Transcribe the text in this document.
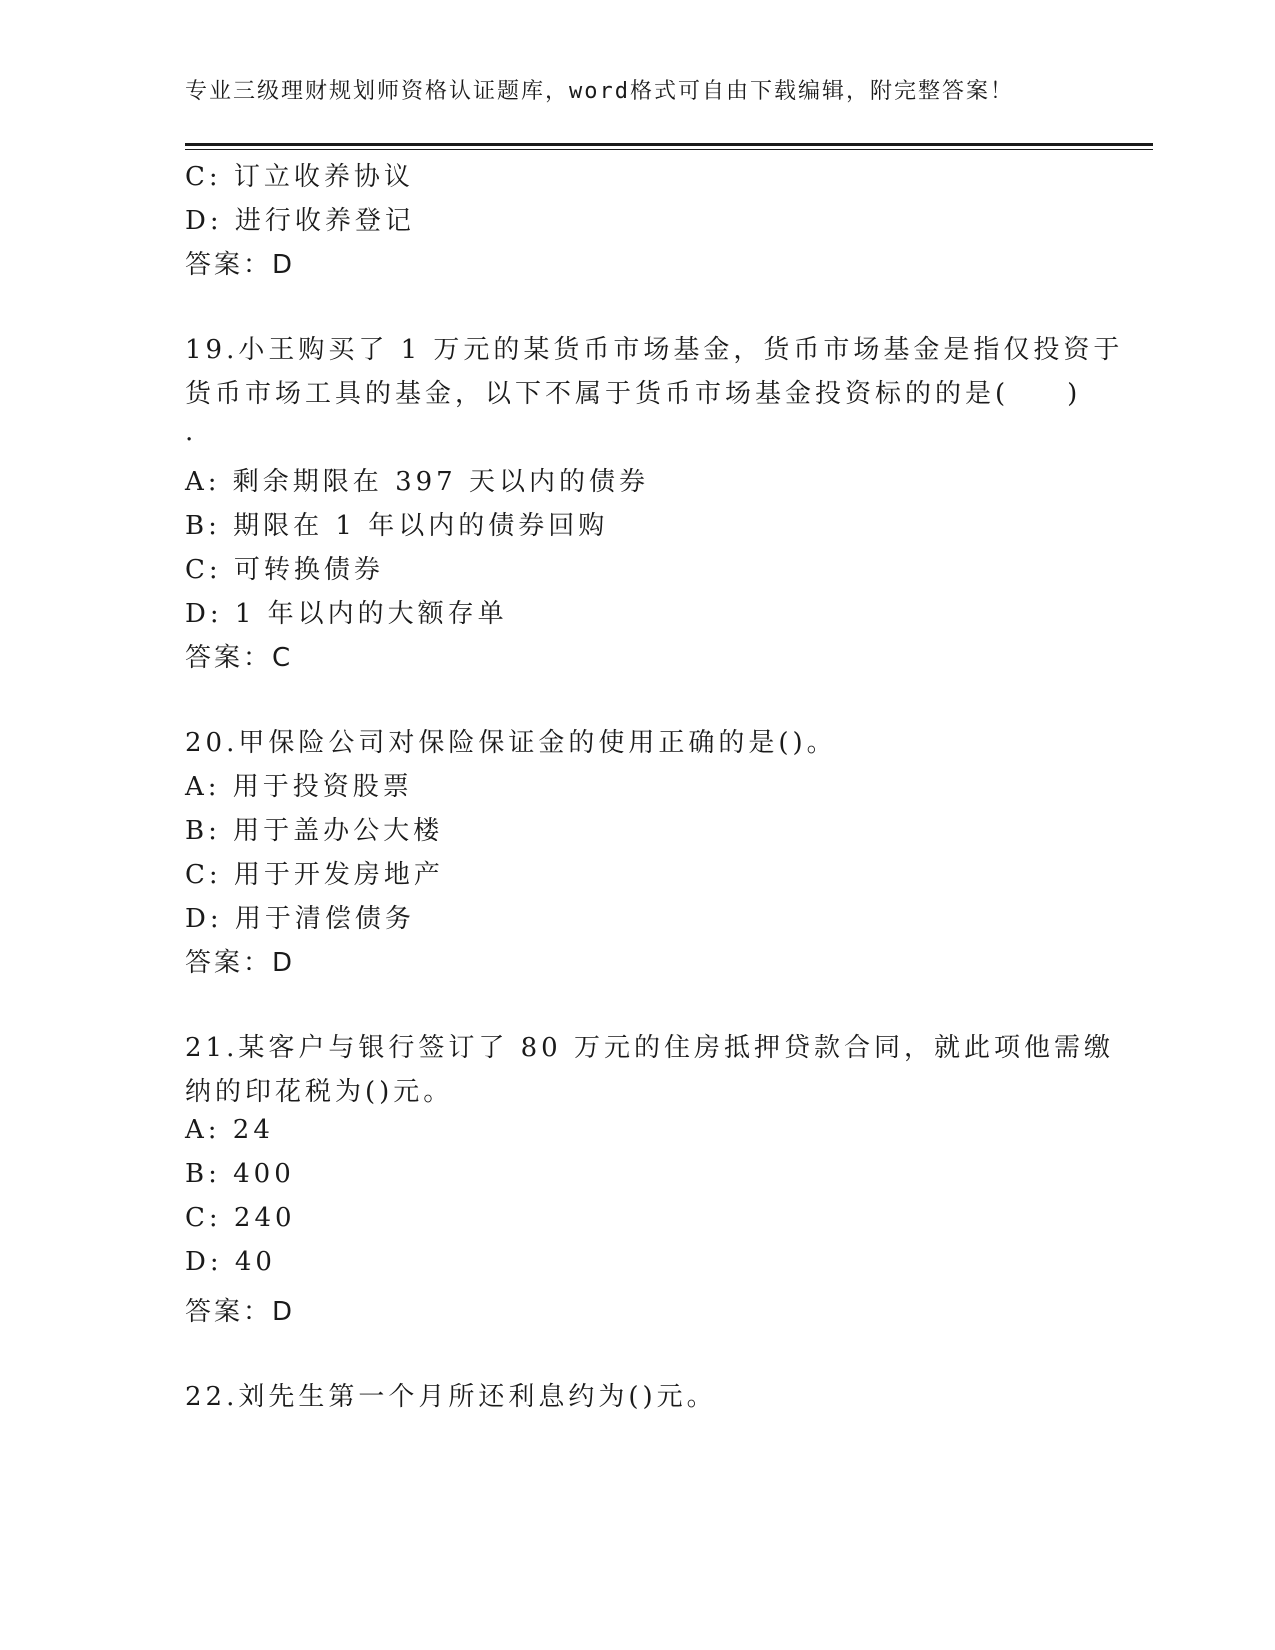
专业三级理财规划师资格认证题库，word格式可自由下载编辑，附完整答案！
C: 订立收养协议
D: 进行收养登记
答案：D
19.小王购买了 1 万元的某货币市场基金，货币市场基金是指仅投资于
货币市场工具的基金，以下不属于货币市场基金投资标的的是( )
.
A: 剩余期限在 397 天以内的债券
B: 期限在 1 年以内的债券回购
C: 可转换债券
D: 1 年以内的大额存单
答案：C
20.甲保险公司对保险保证金的使用正确的是()。
A: 用于投资股票
B: 用于盖办公大楼
C: 用于开发房地产
D: 用于清偿债务
答案：D
21.某客户与银行签订了 80 万元的住房抵押贷款合同，就此项他需缴
纳的印花税为()元。
A: 24
B: 400
C: 240
D: 40
答案：D
22.刘先生第一个月所还利息约为()元。
